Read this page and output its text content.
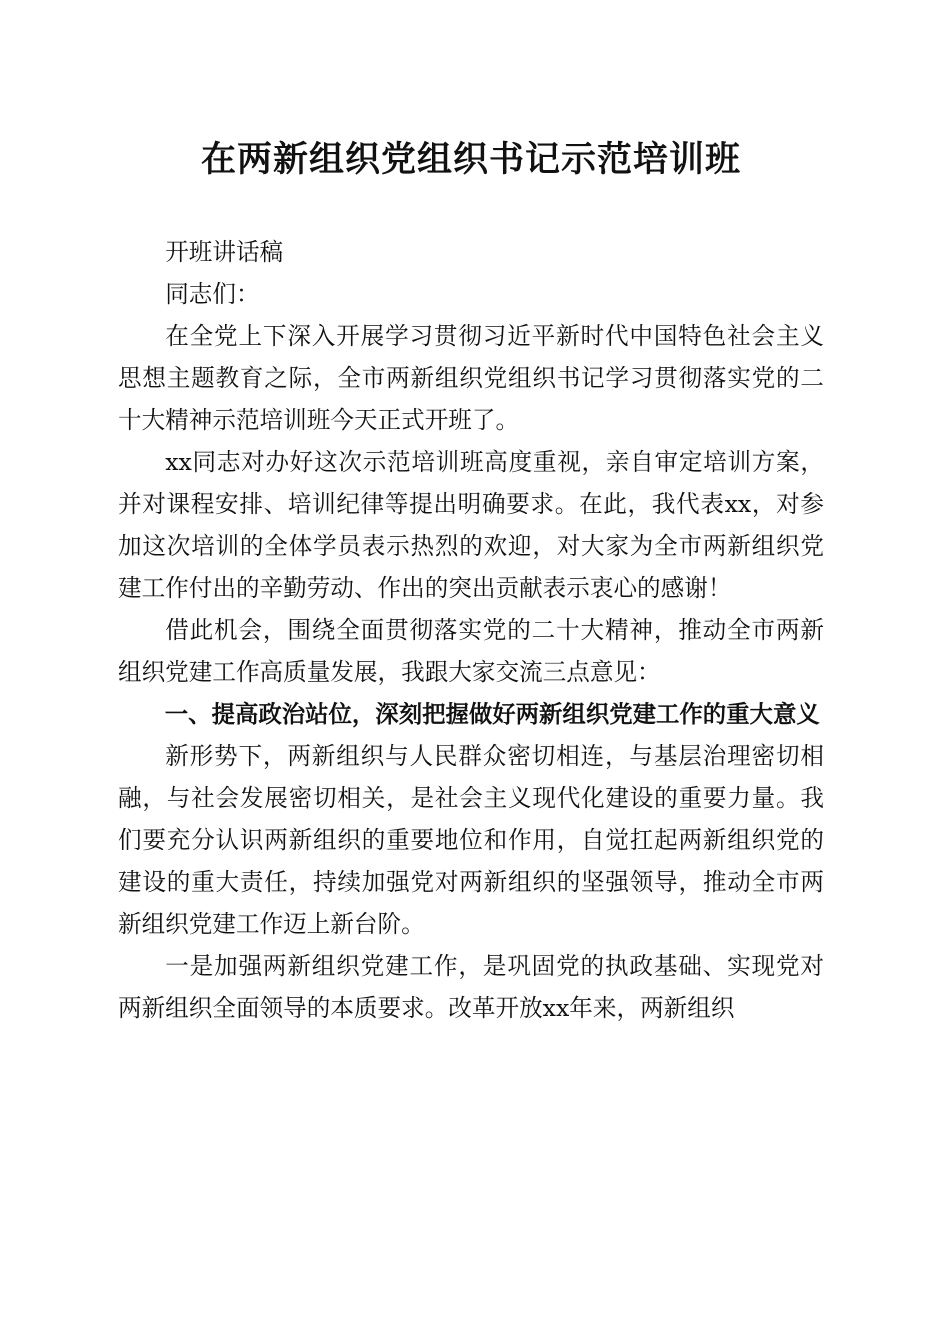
在两新组织党组织书记示范培训班

开班讲话稿

同志们：

在全党上下深入开展学习贯彻习近平新时代中国特色社会主义思想主题教育之际，全市两新组织党组织书记学习贯彻落实党的二十大精神示范培训班今天正式开班了。

xx同志对办好这次示范培训班高度重视，亲自审定培训方案，并对课程安排、培训纪律等提出明确要求。在此，我代表xx，对参加这次培训的全体学员表示热烈的欢迎，对大家为全市两新组织党建工作付出的辛勤劳动、作出的突出贡献表示衷心的感谢！

借此机会，围绕全面贯彻落实党的二十大精神，推动全市两新组织党建工作高质量发展，我跟大家交流三点意见：

一、提高政治站位，深刻把握做好两新组织党建工作的重大意义

新形势下，两新组织与人民群众密切相连，与基层治理密切相融，与社会发展密切相关，是社会主义现代化建设的重要力量。我们要充分认识两新组织的重要地位和作用，自觉扛起两新组织党的建设的重大责任，持续加强党对两新组织的坚强领导，推动全市两新组织党建工作迈上新台阶。

一是加强两新组织党建工作，是巩固党的执政基础、实现党对两新组织全面领导的本质要求。改革开放xx年来，两新组织
